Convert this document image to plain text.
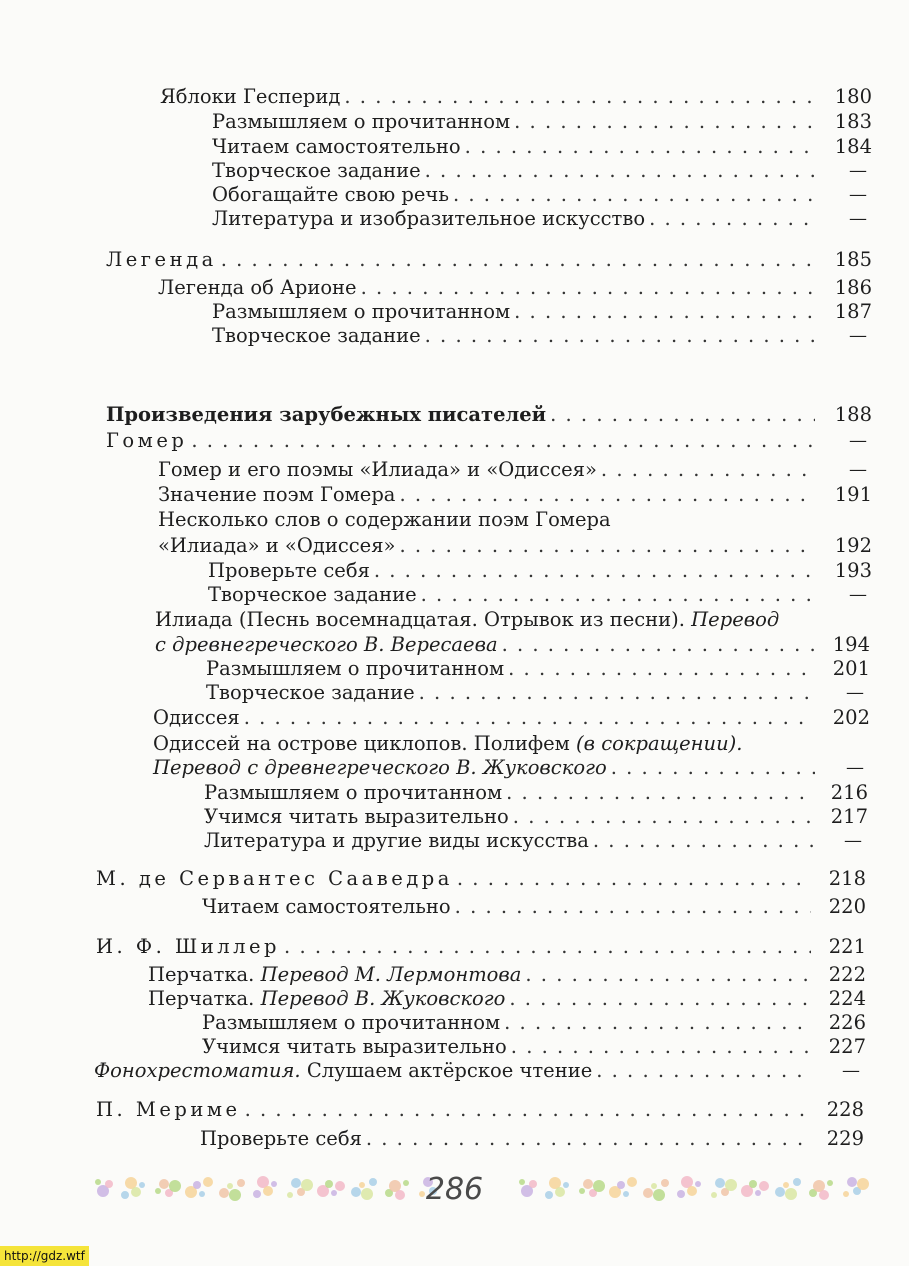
Яблоки Гесперид . . .	180
Размышляем о прочитанном . . .	183
Читаем самостоятельно . . .	184
Творческое задание . . .	—
Обогащайте свою речь . . .	—
Литература и изобразительное искусство . . .	—
Легенда . . .	185
Легенда об Арионе . . .	186
Размышляем о прочитанном . . .	187
Творческое задание . . .	—
Произведения зарубежных писателей . . .	188
Гомер . . .	—
Гомер и его поэмы «Илиада» и «Одиссея» . . .	—
Значение поэм Гомера . . .	191
Несколько слов о содержании поэм Гомера
«Илиада» и «Одиссея» . . .	192
Проверьте себя . . .	193
Творческое задание . . .	—
Илиада (Песнь восемнадцатая. Отрывок из песни). Перевод
с древнегреческого В. Вересаева . . .	194
Размышляем о прочитанном . . .	201
Творческое задание . . .	—
Одиссея . . .	202
Одиссей на острове циклопов. Полифем (в сокращении).
Перевод с древнегреческого В. Жуковского . . .	—
Размышляем о прочитанном . . .	216
Учимся читать выразительно . . .	217
Литература и другие виды искусства . . .	—
М. де Сервантес Сааведра . . .	218
Читаем самостоятельно . . .	220
И. Ф. Шиллер . . .	221
Перчатка. Перевод М. Лермонтова . . .	222
Перчатка. Перевод В. Жуковского . . .	224
Размышляем о прочитанном . . .	226
Учимся читать выразительно . . .	227
Фонохрестоматия. Слушаем актёрское чтение . . .	—
П. Мериме . . .	228
Проверьте себя . . .	229
286
http://gdz.wtf
